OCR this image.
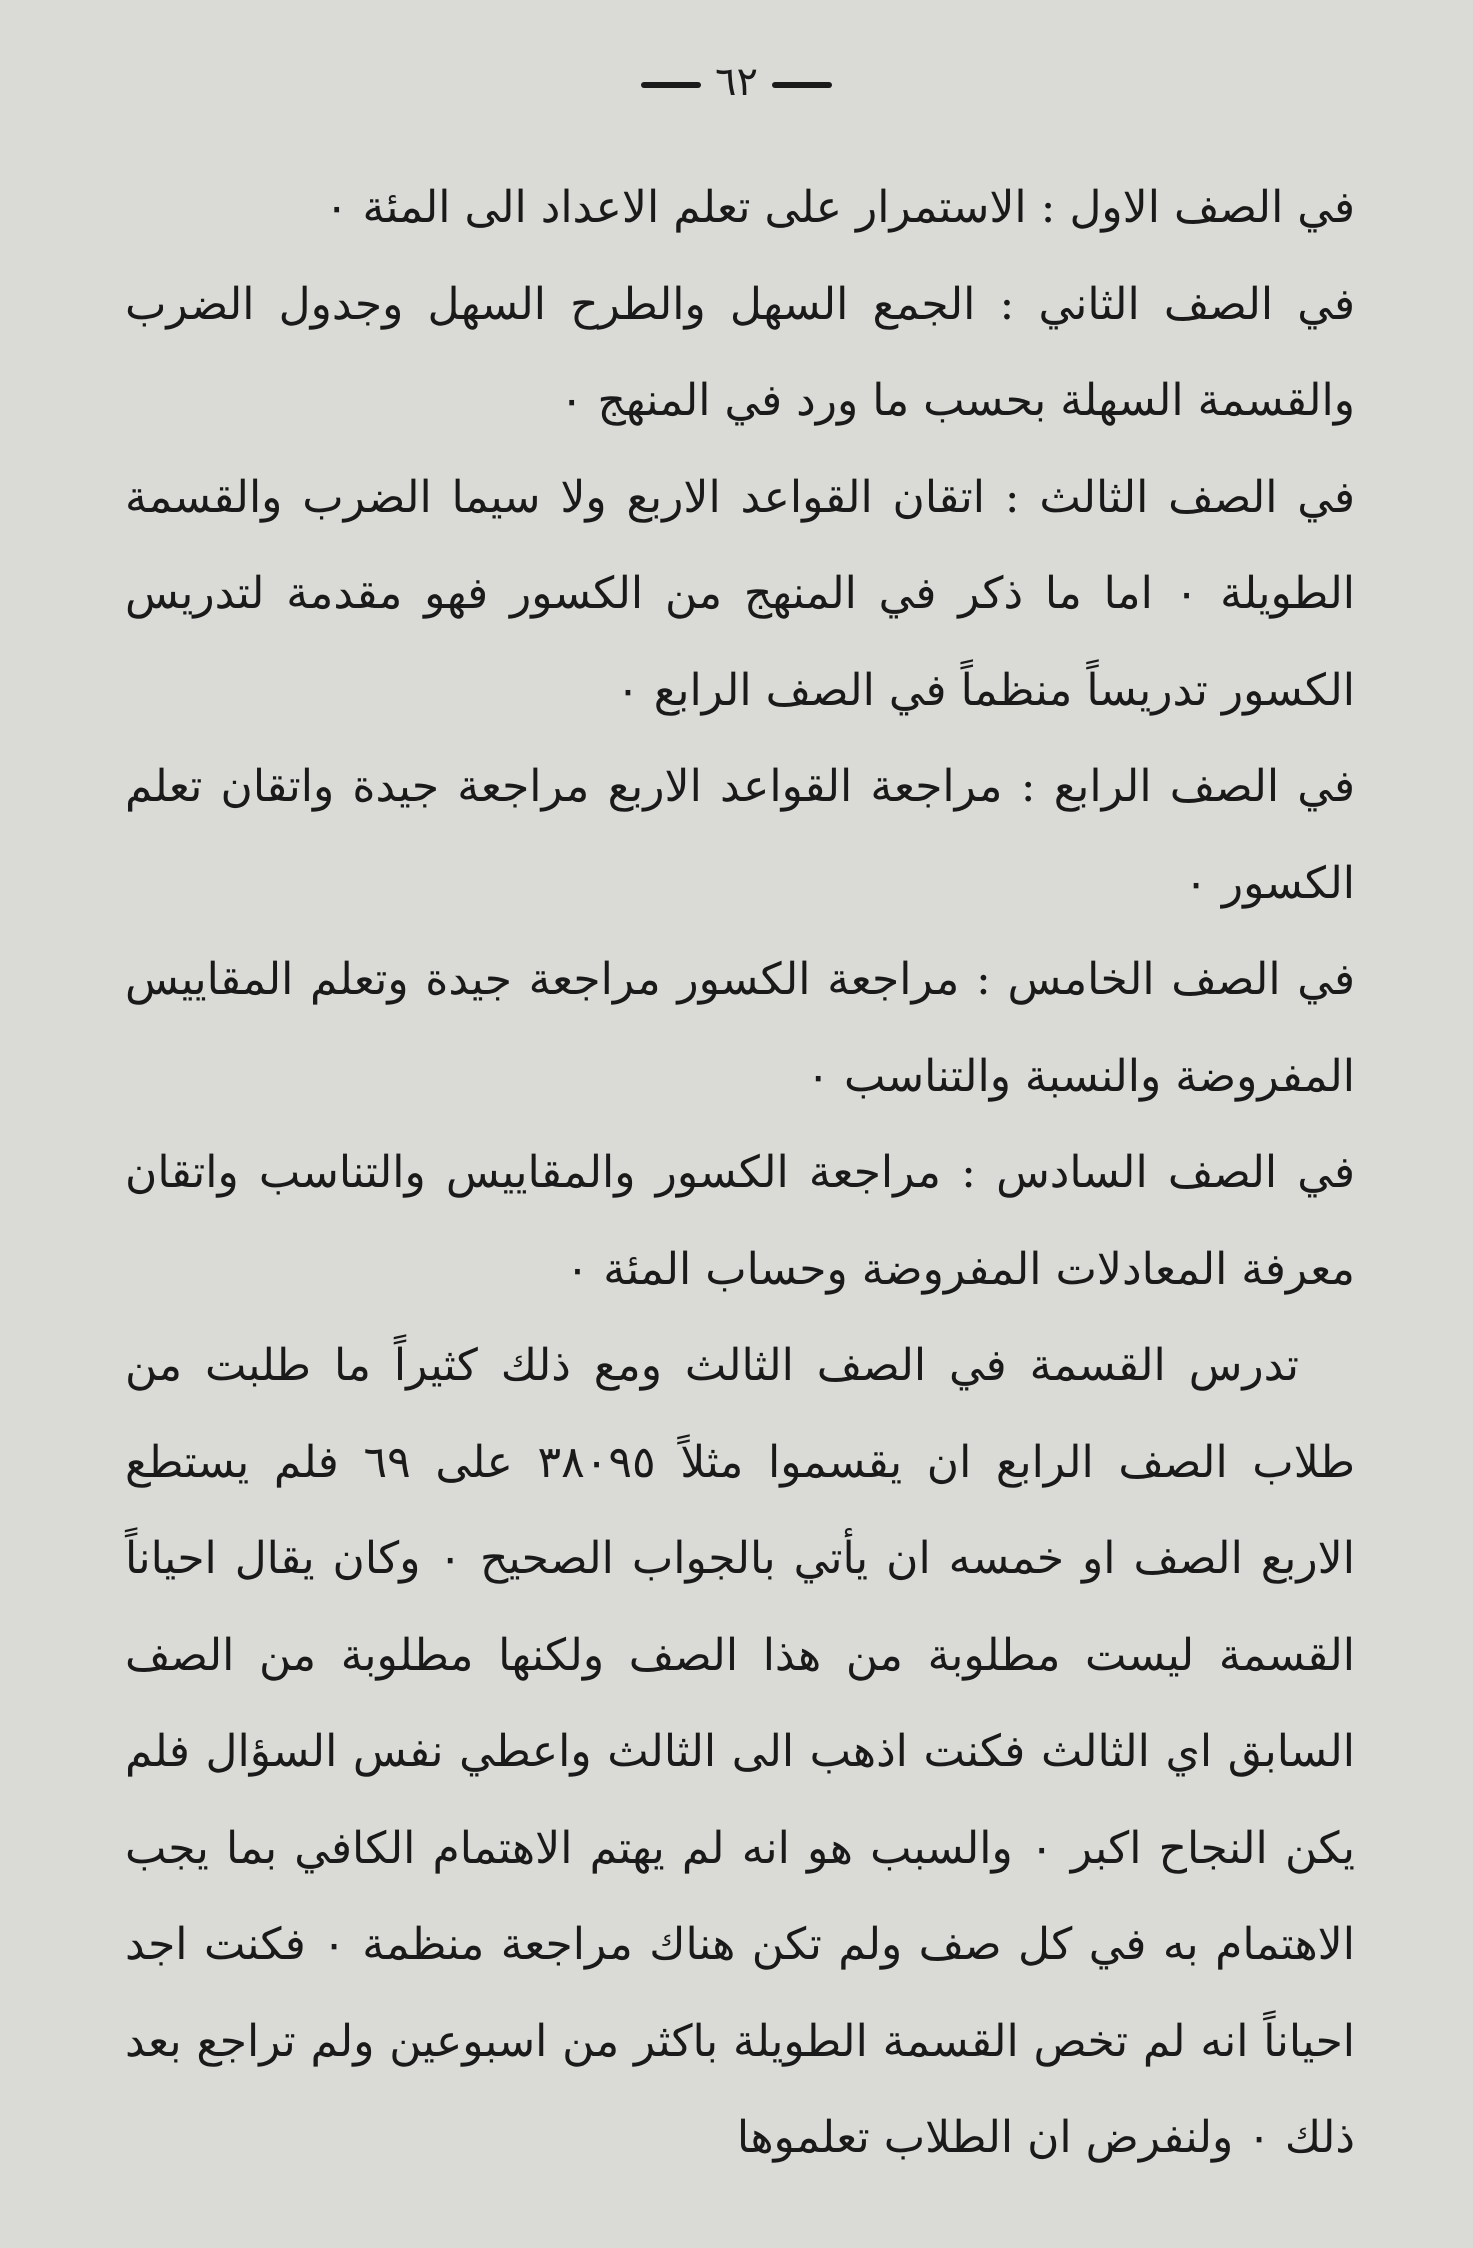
٦٢

في الصف الاول : الاستمرار على تعلم الاعداد الى المئة ٠

في الصف الثاني : الجمع السهل والطرح السهل وجدول الضرب والقسمة السهلة بحسب ما ورد في المنهج ٠

في الصف الثالث : اتقان القواعد الاربع ولا سيما الضرب والقسمة الطويلة ٠ اما ما ذكر في المنهج من الكسور فهو مقدمة لتدريس الكسور تدريساً منظماً في الصف الرابع ٠

في الصف الرابع : مراجعة القواعد الاربع مراجعة جيدة واتقان تعلم الكسور ٠

في الصف الخامس : مراجعة الكسور مراجعة جيدة وتعلم المقاييس المفروضة والنسبة والتناسب ٠

في الصف السادس : مراجعة الكسور والمقاييس والتناسب واتقان معرفة المعادلات المفروضة وحساب المئة ٠

تدرس القسمة في الصف الثالث ومع ذلك كثيراً ما طلبت من طلاب الصف الرابع ان يقسموا مثلاً ٣٨٠٩٥ على ٦٩ فلم يستطع الاربع الصف او خمسه ان يأتي بالجواب الصحيح ٠ وكان يقال احياناً القسمة ليست مطلوبة من هذا الصف ولكنها مطلوبة من الصف السابق اي الثالث فكنت اذهب الى الثالث واعطي نفس السؤال فلم يكن النجاح اكبر ٠ والسبب هو انه لم يهتم الاهتمام الكافي بما يجب الاهتمام به في كل صف ولم تكن هناك مراجعة منظمة ٠ فكنت اجد احياناً انه لم تخص القسمة الطويلة باكثر من اسبوعين ولم تراجع بعد ذلك ٠ ولنفرض ان الطلاب تعلموها
